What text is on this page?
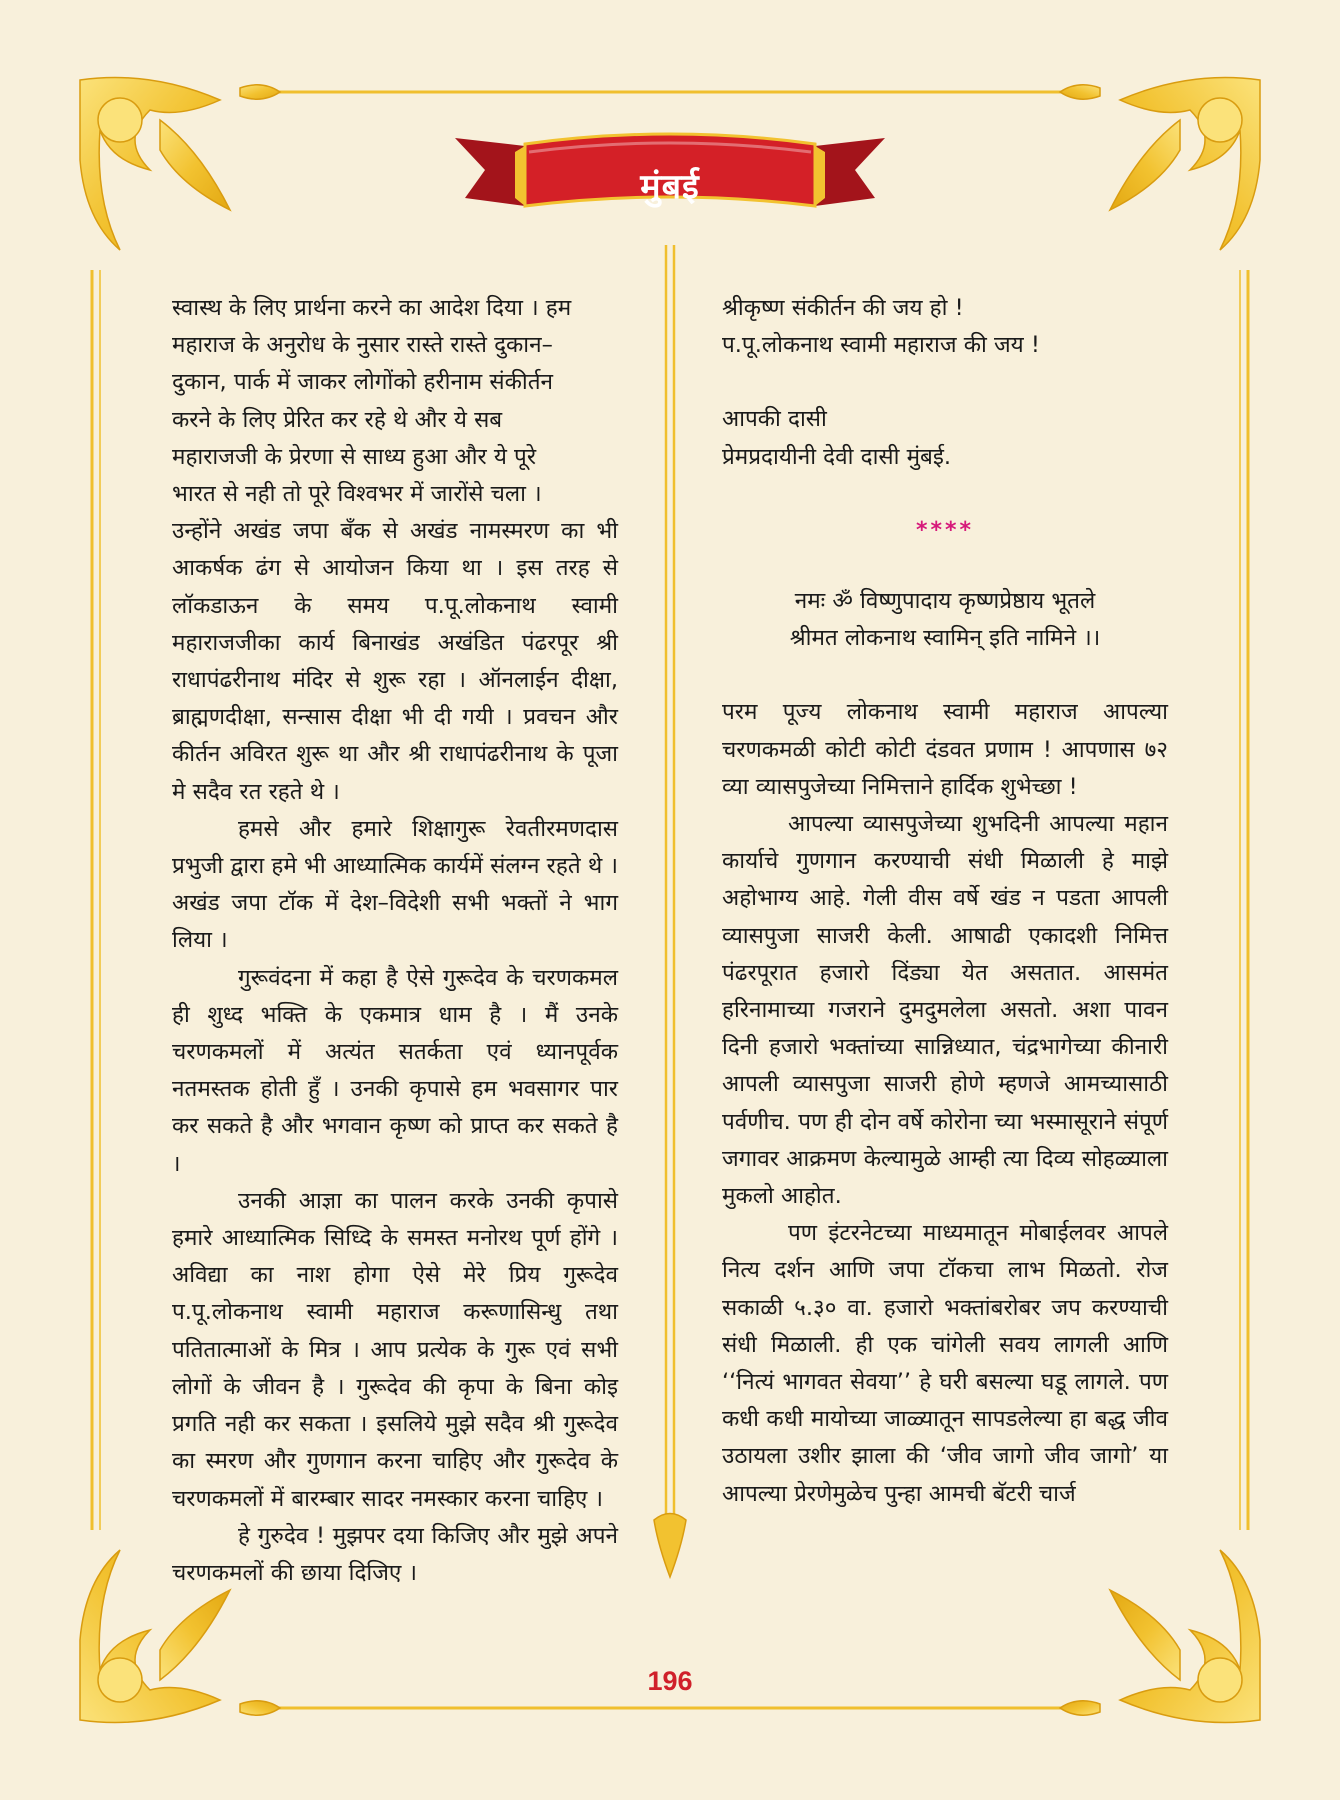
मुंबई

स्वास्थ के लिए प्रार्थना करने का आदेश दिया । हम

महाराज के अनुरोध के नुसार रास्ते रास्ते दुकान–

दुकान, पार्क में जाकर लोगोंको हरीनाम संकीर्तन

करने के लिए प्रेरित कर रहे थे और ये सब

महाराजजी के प्रेरणा से साध्य हुआ और ये पूरे

भारत से नही तो पूरे विश्वभर में जारोंसे चला ।

उन्होंने अखंड जपा बँक से अखंड नामस्मरण का भी आकर्षक ढंग से आयोजन किया था । इस तरह से लॉकडाऊन के समय प.पू.लोकनाथ स्वामी महाराजजीका कार्य बिनाखंड अखंडित पंढरपूर श्री राधापंढरीनाथ मंदिर से शुरू रहा । ऑनलाईन दीक्षा, ब्राह्मणदीक्षा, सन्सास दीक्षा भी दी गयी । प्रवचन और कीर्तन अविरत शुरू था और श्री राधापंढरीनाथ के पूजा मे सदैव रत रहते थे ।

हमसे और हमारे शिक्षागुरू रेवतीरमणदास प्रभुजी द्वारा हमे भी आध्यात्मिक कार्यमें संलग्न रहते थे । अखंड जपा टॉक में देश–विदेशी सभी भक्तों ने भाग लिया ।

गुरूवंदना में कहा है ऐसे गुरूदेव के चरणकमल ही शुध्द भक्ति के एकमात्र धाम है । मैं उनके चरणकमलों में अत्यंत सतर्कता एवं ध्यानपूर्वक नतमस्तक होती हुँ । उनकी कृपासे हम भवसागर पार कर सकते है और भगवान कृष्ण को प्राप्त कर सकते है ।

उनकी आज्ञा का पालन करके उनकी कृपासे हमारे आध्यात्मिक सिध्दि के समस्त मनोरथ पूर्ण होंगे । अविद्या का नाश होगा ऐसे मेरे प्रिय गुरूदेव प.पू.लोकनाथ स्वामी महाराज करूणासिन्धु तथा पतितात्माओं के मित्र । आप प्रत्येक के गुरू एवं सभी लोगों के जीवन है । गुरूदेव की कृपा के बिना कोइ प्रगति नही कर सकता । इसलिये मुझे सदैव श्री गुरूदेव का स्मरण और गुणगान करना चाहिए और गुरूदेव के चरणकमलों में बारम्बार सादर नमस्कार करना चाहिए ।

हे गुरुदेव ! मुझपर दया किजिए और मुझे अपने चरणकमलों की छाया दिजिए ।

श्रीकृष्ण संकीर्तन की जय हो !

प.पू.लोकनाथ स्वामी महाराज की जय !

आपकी दासी

प्रेमप्रदायीनी देवी दासी मुंबई.

****

नमः ॐ विष्णुपादाय कृष्णप्रेष्ठाय भूतले

श्रीमत लोकनाथ स्वामिन् इति नामिने ।।

परम पूज्य लोकनाथ स्वामी महाराज आपल्या चरणकमळी कोटी कोटी दंडवत प्रणाम ! आपणास ७२ व्या व्यासपुजेच्या निमित्ताने हार्दिक शुभेच्छा !

आपल्या व्यासपुजेच्या शुभदिनी आपल्या महान कार्याचे गुणगान करण्याची संधी मिळाली हे माझे अहोभाग्य आहे. गेली वीस वर्षे खंड न पडता आपली व्यासपुजा साजरी केली. आषाढी एकादशी निमित्त पंढरपूरात हजारो दिंड्या येत असतात. आसमंत हरिनामाच्या गजराने दुमदुमलेला असतो. अशा पावन दिनी हजारो भक्तांच्या सान्निध्यात, चंद्रभागेच्या कीनारी आपली व्यासपुजा साजरी होणे म्हणजे आमच्यासाठी पर्वणीच. पण ही दोन वर्षे कोरोना च्या भस्मासूराने संपूर्ण जगावर आक्रमण केल्यामुळे आम्ही त्या दिव्य सोहळ्याला मुकलो आहोत.

पण इंटरनेटच्या माध्यमातून मोबाईलवर आपले नित्य दर्शन आणि जपा टॉकचा लाभ मिळतो. रोज सकाळी ५.३० वा. हजारो भक्तांबरोबर जप करण्याची संधी मिळाली. ही एक चांगेली सवय लागली आणि ‘‘नित्यं भागवत सेवया’’ हे घरी बसल्या घडू लागले. पण कधी कधी मायोच्या जाळ्यातून सापडलेल्या हा बद्ध जीव उठायला उशीर झाला की ‘जीव जागो जीव जागो’ या आपल्या प्रेरणेमुळेच पुन्हा आमची बॅटरी चार्ज

196
